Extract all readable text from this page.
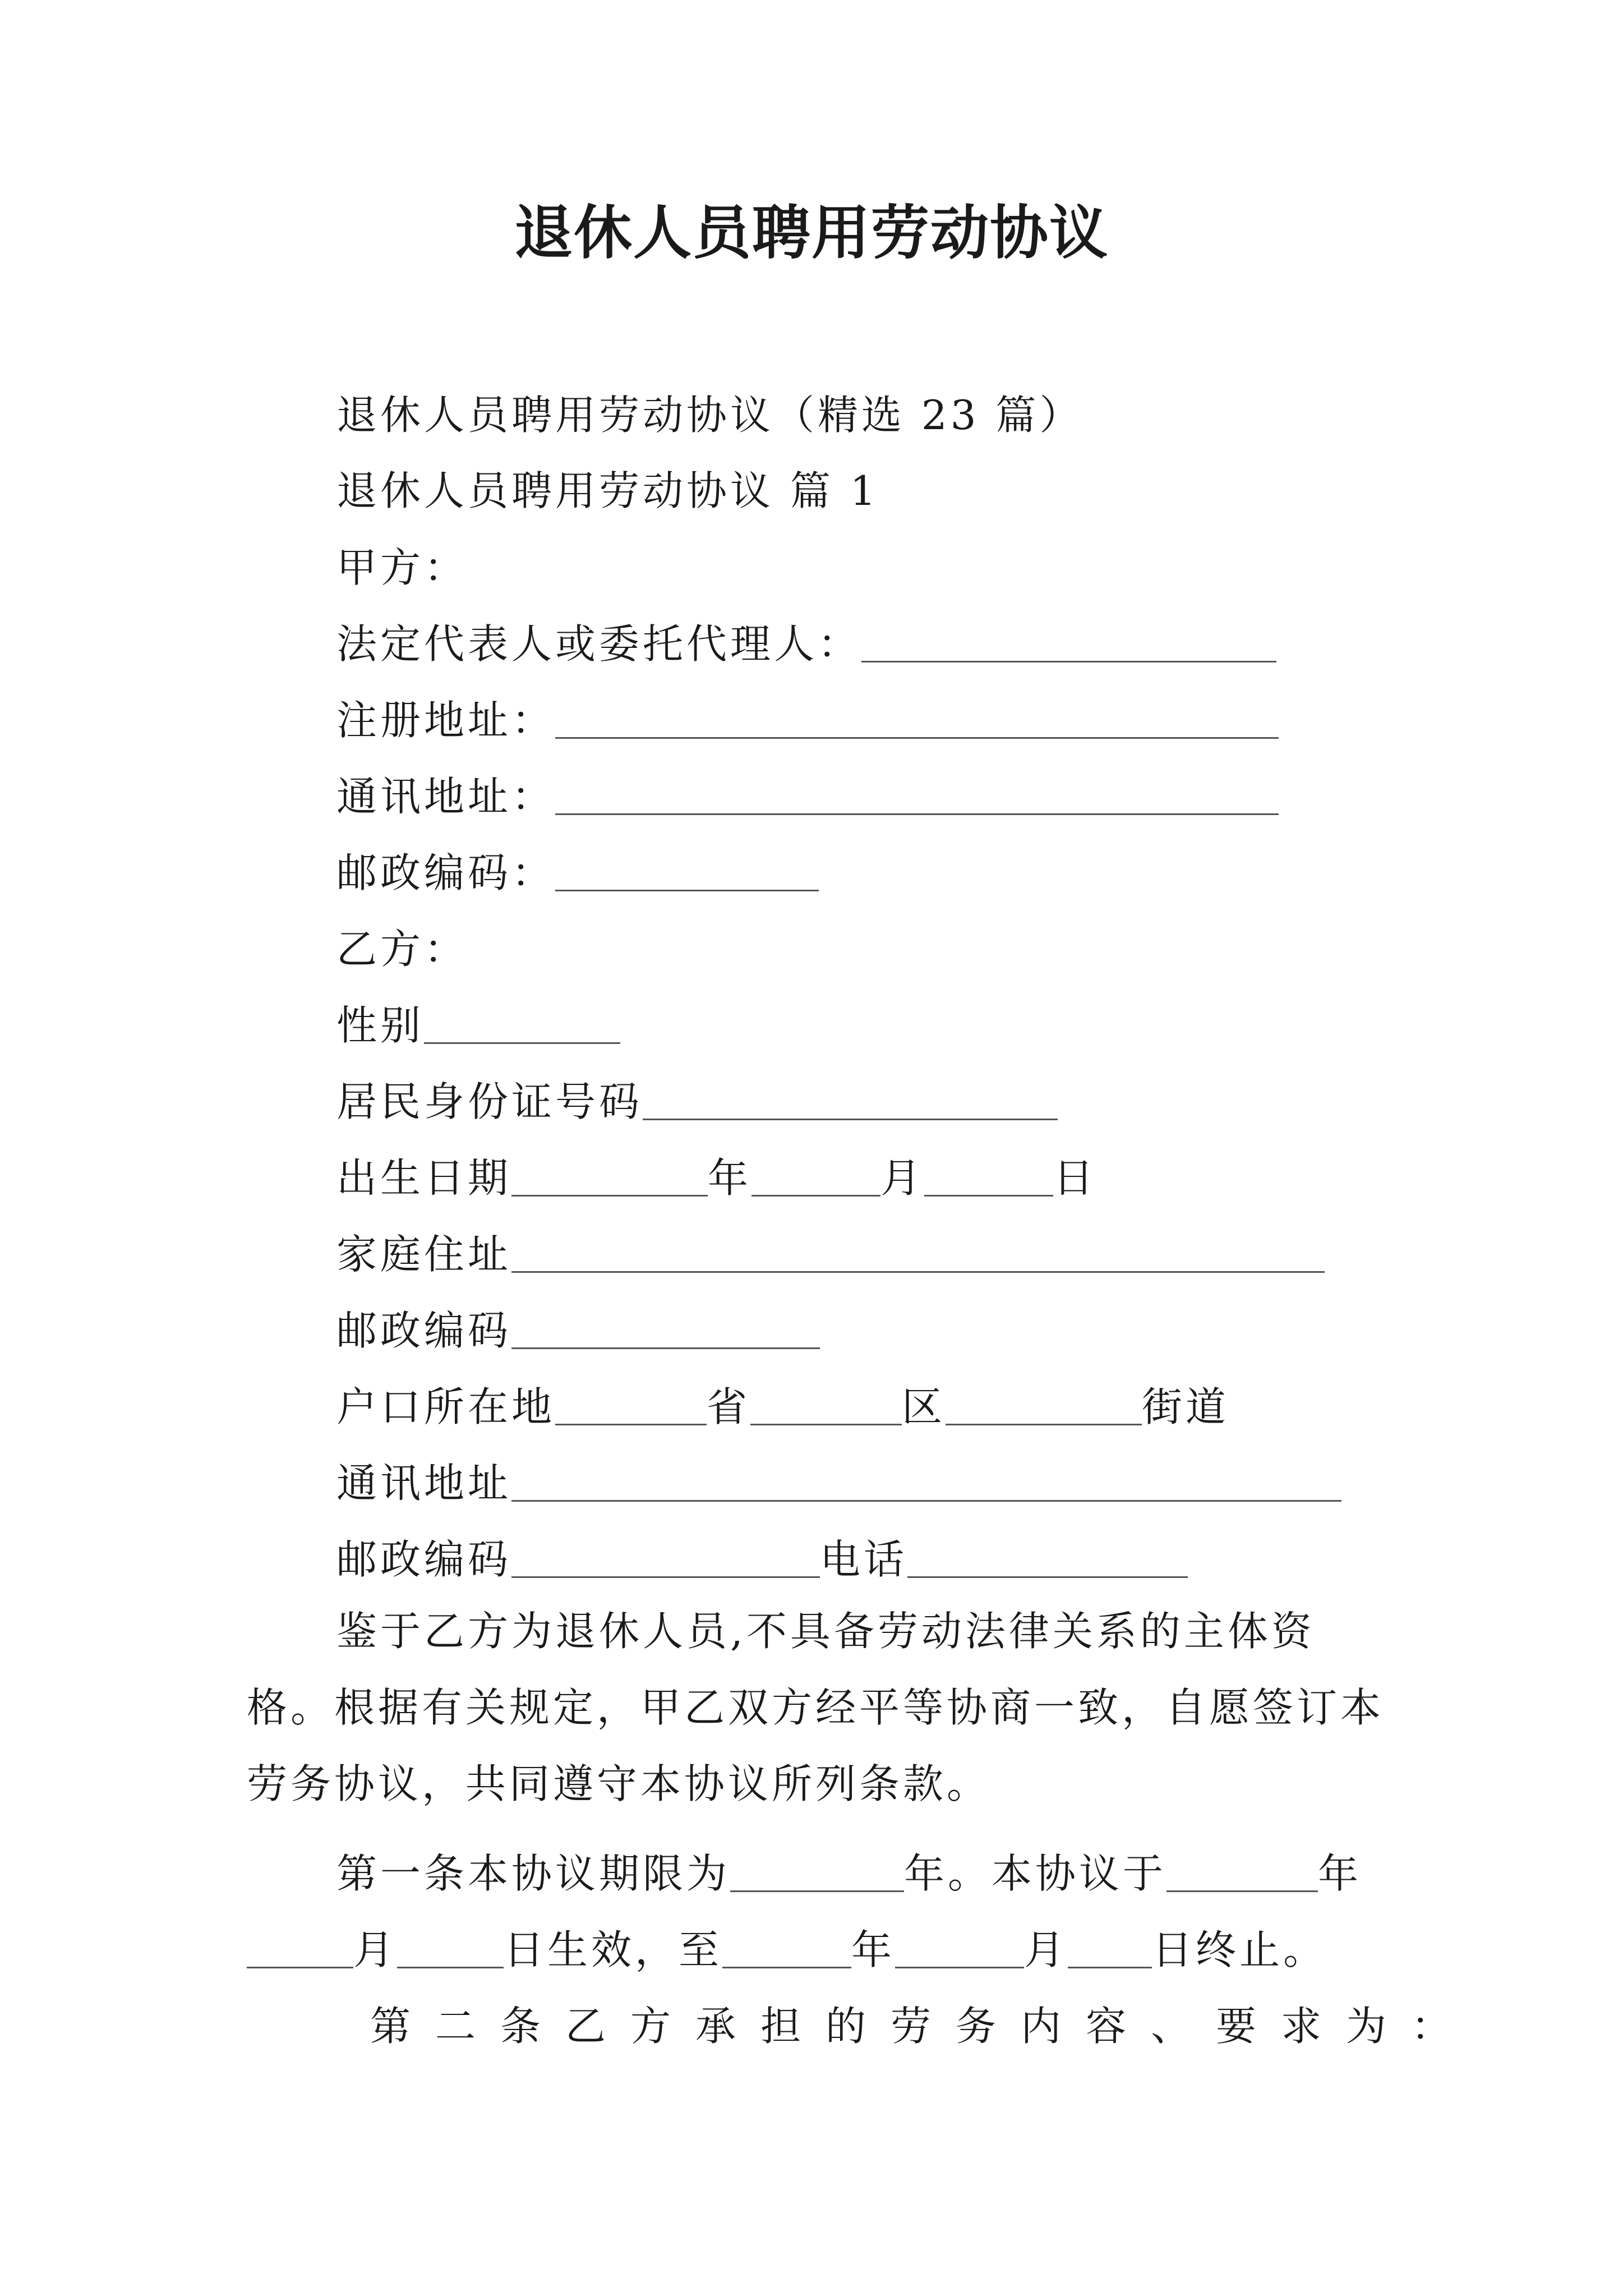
退休人员聘用劳动协议
退休人员聘用劳动协议（精选 23 篇）
退休人员聘用劳动协议 篇 1
甲方：
法定代表人或委托代理人：
注册地址：
通讯地址：
邮政编码：
乙方：
性别
居民身份证号码
出生日期	年	月	日
家庭住址
邮政编码
户口所在地	省	区	街道
通讯地址
邮政编码	电话

鉴于乙方为退休人员,不具备劳动法律关系的主体资格。根据有关规定，甲乙双方经平等协商一致，自愿签订本劳务协议，共同遵守本协议所列条款。

第一条本协议期限为	年。本协议于	年
月	日生效，至	年	月 日终止。
第二条乙方承担的劳务内容、要求为：
